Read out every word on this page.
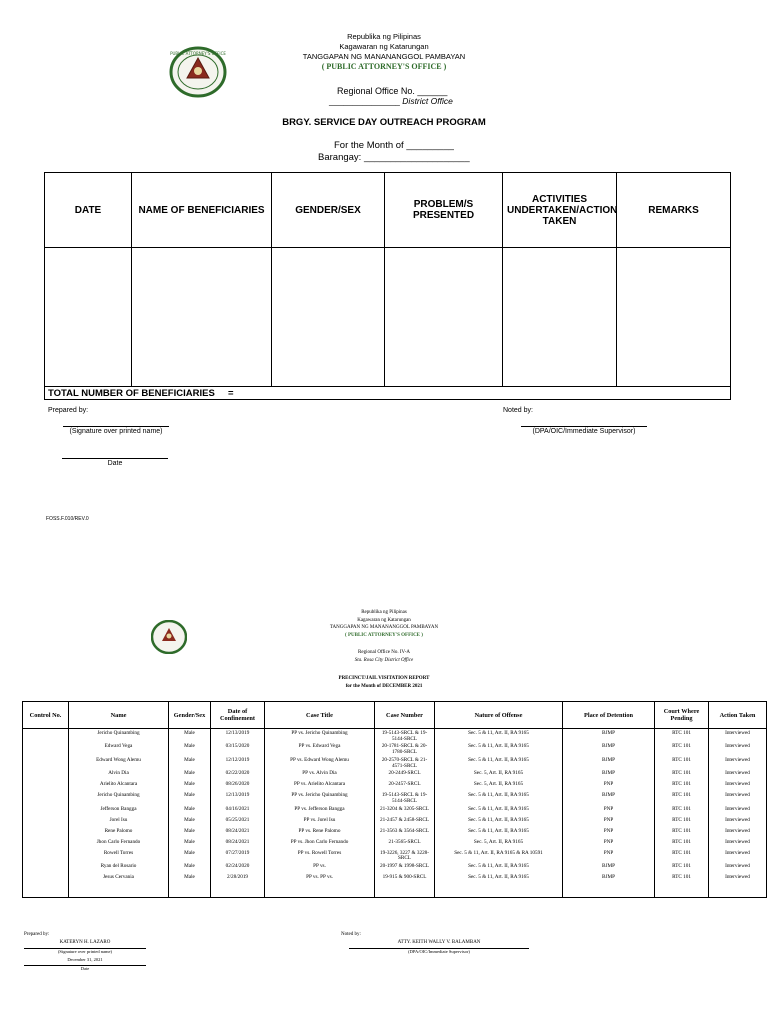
PUBLIC ATTORNEY'S OFFICE
Republika ng Pilipinas
Kagawaran ng Katarungan
TANGGAPAN NG MANANANGGOL PAMBAYAN
( PUBLIC ATTORNEY'S OFFICE )
Regional Office No. ______
_______________ District Office
BRGY. SERVICE DAY OUTREACH PROGRAM
For the Month of _________
Barangay: ____________________
DATE	NAME OF BENEFICIARIES	GENDER/SEX	PROBLEM/S PRESENTED	ACTIVITIES UNDERTAKEN/ACTION TAKEN	REMARKS

TOTAL NUMBER OF BENEFICIARIES     =					
Prepared by:
(Signature over printed name)
Date
Noted by:
(DPA/OIC/Immediate Supervisor)
FOSS.F.010/REV.0
Republika ng Pilipinas
Kagawaran ng Katarungan
TANGGAPAN NG MANANANGGOL PAMBAYAN
( PUBLIC ATTORNEY'S OFFICE )
Regional Office No. IV-A
Sta. Rosa City District Office
PRECINCT/JAIL VISITATION REPORT
for the Month of DECEMBER 2021
Control No.	Name	Gender/Sex	Date of Confinement	Case Title	Case Number	Nature of Offense	Place of Detention	Court Where Pending	Action Taken
	Jericho Quinambing	Male	12/13/2019	PP vs. Jericho Quinambing	19-5143-SRCL & 19-5144-SRCL	Sec. 5 & 11, Art. II, RA 9165	BJMP	RTC 101	Interviewed
	Edward Vega	Male	03/15/2020	PP vs. Edward Vega	20-1781-SRCL & 20-1780-SRCL	Sec. 5 & 11, Art. II, RA 9165	BJMP	RTC 101	Interviewed
	Edward Wong Alemu	Male	12/12/2019	PP vs. Edward Wong Alemu	20-2570-SRCL & 21-4571-SRCL	Sec. 5 & 11, Art. II, RA 9165	BJMP	RTC 101	Interviewed
	Alvin Dia	Male	02/22/2020	PP vs. Alvin Dia	20-2449-SRCL	Sec. 5, Art. II, RA 9165	BJMP	RTC 101	Interviewed
	Arielito Alcantara	Male	08/26/2020	PP vs. Arielito Alcantara	20-2457-SRCL	Sec. 5, Art. II, RA 9165	PNP	RTC 101	Interviewed
	Jericho Quinambing	Male	12/13/2019	PP vs. Jericho Quinambing	19-5143-SRCL & 19-5144-SRCL	Sec. 5 & 11, Art. II, RA 9165	BJMP	RTC 101	Interviewed
	Jefferson Bangga	Male	04/16/2021	PP vs. Jefferson Bangga	21-3204 & 3205-SRCL	Sec. 5 & 11, Art. II, RA 9165	PNP	RTC 101	Interviewed
	Jorel Isu	Male	05/25/2021	PP vs. Jorel Isu	21-2457 & 2458-SRCL	Sec. 5 & 11, Art. II, RA 9165	PNP	RTC 101	Interviewed
	Rene Palomo	Male	08/24/2021	PP vs. Rene Palomo	21-3563 & 3564-SRCL	Sec. 5 & 11, Art. II, RA 9165	PNP	RTC 101	Interviewed
	Jhon Carlo Fernando	Male	08/24/2021	PP vs. Jhon Carlo Fernando	21-3565-SRCL	Sec. 5, Art. II, RA 9165	PNP	RTC 101	Interviewed
	Rowell Torres	Male	07/27/2019	PP vs. Rowell Torres	19-3226, 3227 & 3228-SRCL	Sec. 5 & 11, Art. II, RA 9165 & RA 10591	PNP	RTC 101	Interviewed
	Ryan del Rosario	Male	02/24/2020	PP vs.	20-1997 & 1998-SRCL	Sec. 5 & 11, Art. II, RA 9165	BJMP	RTC 101	Interviewed
	Jesus Cervania	Male	2/28/2019	PP vs. PP vs.	19-915 & 900-SRCL	Sec. 5 & 11, Art. II, RA 9165	BJMP	RTC 101	Interviewed
Prepared by:
KATERYN H. LAZARO
(Signature over printed name)
December 31, 2021
Date
Noted by:
ATTY. KEITH WALLY V. BALAMBAN
(DPA/OIC/Immediate Supervisor)
